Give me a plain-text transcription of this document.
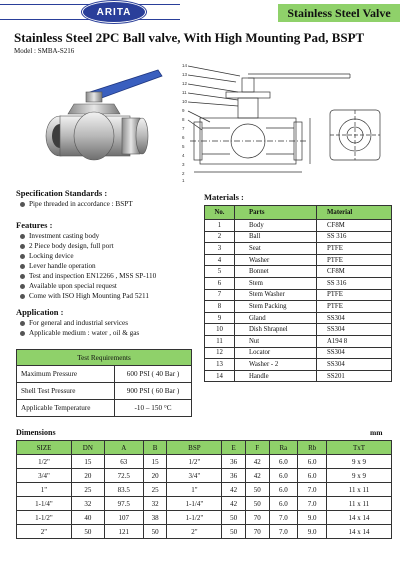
ARITA	Stainless Steel Valve
Stainless Steel 2PC Ball valve, With High Mounting Pad, BSPT
Model : SMBA-S216
14
13
12
11
10
9
8
7
6
5
4
3
2
1
Specification Standards :
Pipe threaded in accordance : BSPT
Features :
Investment casting body
2 Piece body design, full port
Locking device
Lever handle operation
Test and inspection EN12266 , MSS SP-110
Available upon special request
Come with ISO High Mounting Pad 5211
Application :
For general and industrial services
Applicable medium : water , oil & gas
Test Requirements	
Maximum Pressure	600 PSI ( 40 Bar )
Shell Test Pressure	900 PSI ( 60 Bar )
Applicable Temperature	-10 – 150 °C
Materials :
No.	Parts	Material
1	Body	CF8M
2	Ball	SS 316
3	Seat	PTFE
4	Washer	PTFE
5	Bonnet	CF8M
6	Stem	SS 316
7	Stem Washer	PTFE
8	Stem Packing	PTFE
9	Gland	SS304
10	Dish Shrapnel	SS304
11	Nut	A194 8
12	Locator	SS304
13	Washer - 2	SS304
14	Handle	SS201
Dimensions	mm
SIZE	DN	A	B	BSP	E	F	Ra	Rb	TxT
1/2"	15	63	15	1/2"	36	42	6.0	6.0	9 x 9
3/4"	20	72.5	20	3/4"	36	42	6.0	6.0	9 x 9
1"	25	83.5	25	1"	42	50	6.0	7.0	11 x 11
1-1/4"	32	97.5	32	1-1/4"	42	50	6.0	7.0	11 x 11
1-1/2"	40	107	38	1-1/2"	50	70	7.0	9.0	14 x 14
2"	50	121	50	2"	50	70	7.0	9.0	14 x 14
